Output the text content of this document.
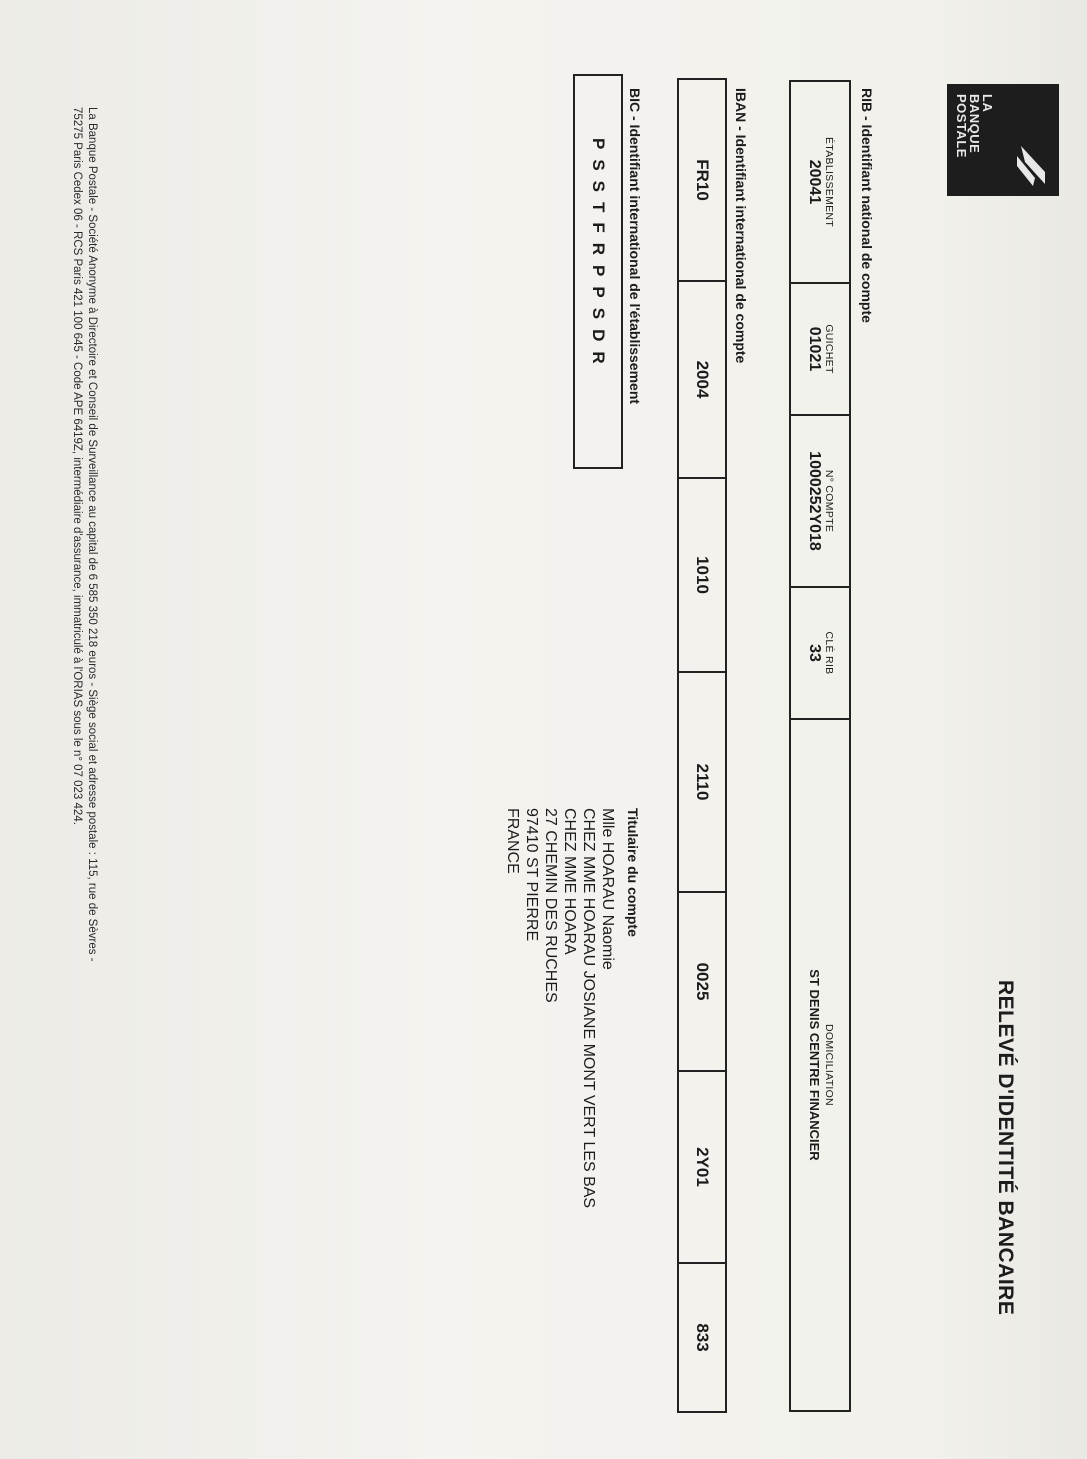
LA
BANQUE
POSTALE
RELEVÉ D'IDENTITÉ BANCAIRE
RIB - Identifiant national de compte
ÉTABLISSEMENT
20041

GUICHET
01021

N° COMPTE
1000252Y018

CLÉ RIB
33

DOMICILIATION
ST DENIS CENTRE FINANCIER
IBAN - Identifiant international de compte
FR10	2004	1010	2110	0025	2Y01	833
BIC - Identifiant international de l'établissement
PSSTFRPPSDR
Titulaire du compte
Mlle HOARAU Naomie
CHEZ MME HOARAU JOSIANE MONT VERT LES BAS
CHEZ MME HOARA
27 CHEMIN DES RUCHES
97410 ST PIERRE
FRANCE
La Banque Postale - Société Anonyme à Directoire et Conseil de Surveillance au capital de 6 585 350 218 euros - Siège social et adresse postale : 115, rue de Sèvres -
75275 Paris Cedex 06 - RCS Paris 421 100 645 - Code APE 6419Z, intermédiaire d'assurance, immatriculé à l'ORIAS sous le n° 07 023 424.
